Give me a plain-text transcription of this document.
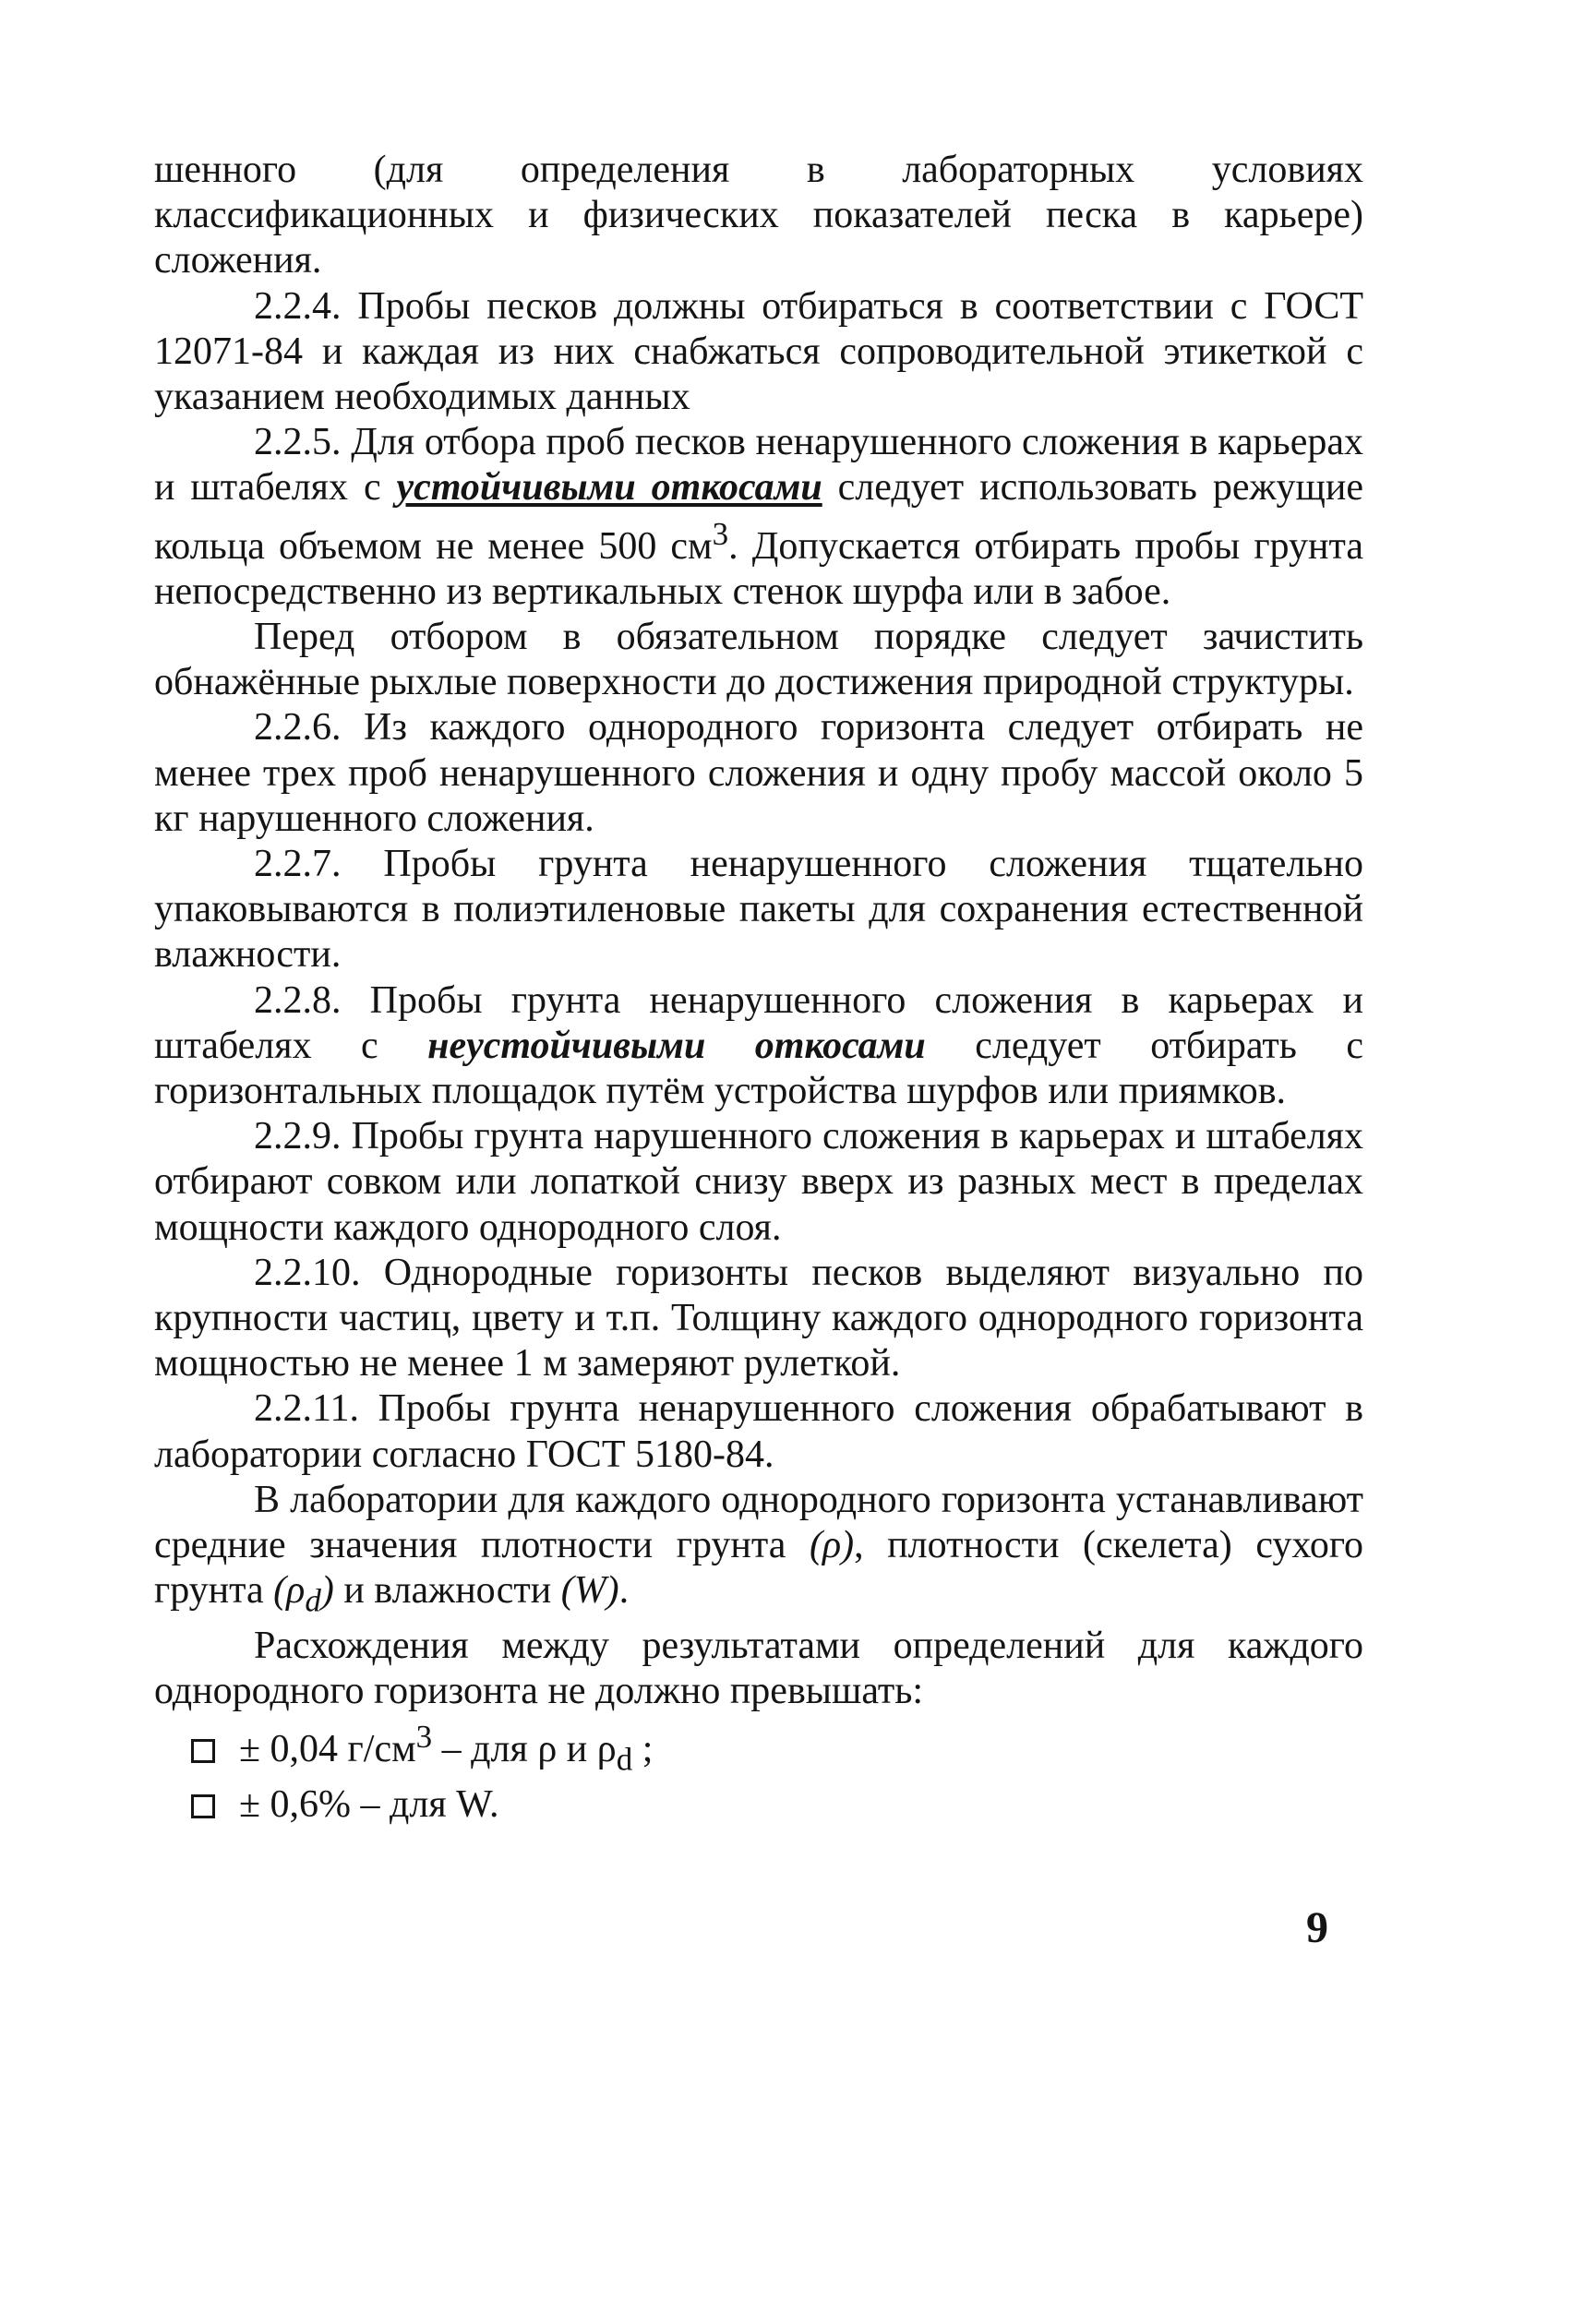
шенного (для определения в лабораторных условиях классификационных и физических показателей песка в карьере) сложения.

2.2.4. Пробы песков должны отбираться в соответствии с ГОСТ 12071-84 и каждая из них снабжаться сопроводительной этикеткой с указанием необходимых данных

2.2.5. Для отбора проб песков ненарушенного сложения в карьерах и штабелях с устойчивыми откосами следует использовать режущие кольца объемом не менее 500 $см^3$. Допускается отбирать пробы грунта непосредственно из вертикальных стенок шурфа или в забое.

Перед отбором в обязательном порядке следует зачистить обнажённые рыхлые поверхности до достижения природной структуры.

2.2.6. Из каждого однородного горизонта следует отбирать не менее трех проб ненарушенного сложения и одну пробу массой около 5 кг нарушенного сложения.

2.2.7. Пробы грунта ненарушенного сложения тщательно упаковываются в полиэтиленовые пакеты для сохранения естественной влажности.

2.2.8. Пробы грунта ненарушенного сложения в карьерах и штабелях с неустойчивыми откосами следует отбирать с горизонтальных площадок путём устройства шурфов или приямков.

2.2.9. Пробы грунта нарушенного сложения в карьерах и штабелях отбирают совком или лопаткой снизу вверх из разных мест в пределах мощности каждого однородного слоя.

2.2.10. Однородные горизонты песков выделяют визуально по крупности частиц, цвету и т.п. Толщину каждого однородного горизонта мощностью не менее 1 м замеряют рулеткой.

2.2.11. Пробы грунта ненарушенного сложения обрабатывают в лаборатории согласно ГОСТ 5180-84.

В лаборатории для каждого однородного горизонта устанавливают средние значения плотности грунта (ρ), плотности (скелета) сухого грунта $(\rho_d)$ и влажности (W).

Расхождения между результатами определений для каждого однородного горизонта не должно превышать:

± 0,04 $г/см^3$ – для ρ и $\rho_d$ ;
± 0,6% – для W.
9
